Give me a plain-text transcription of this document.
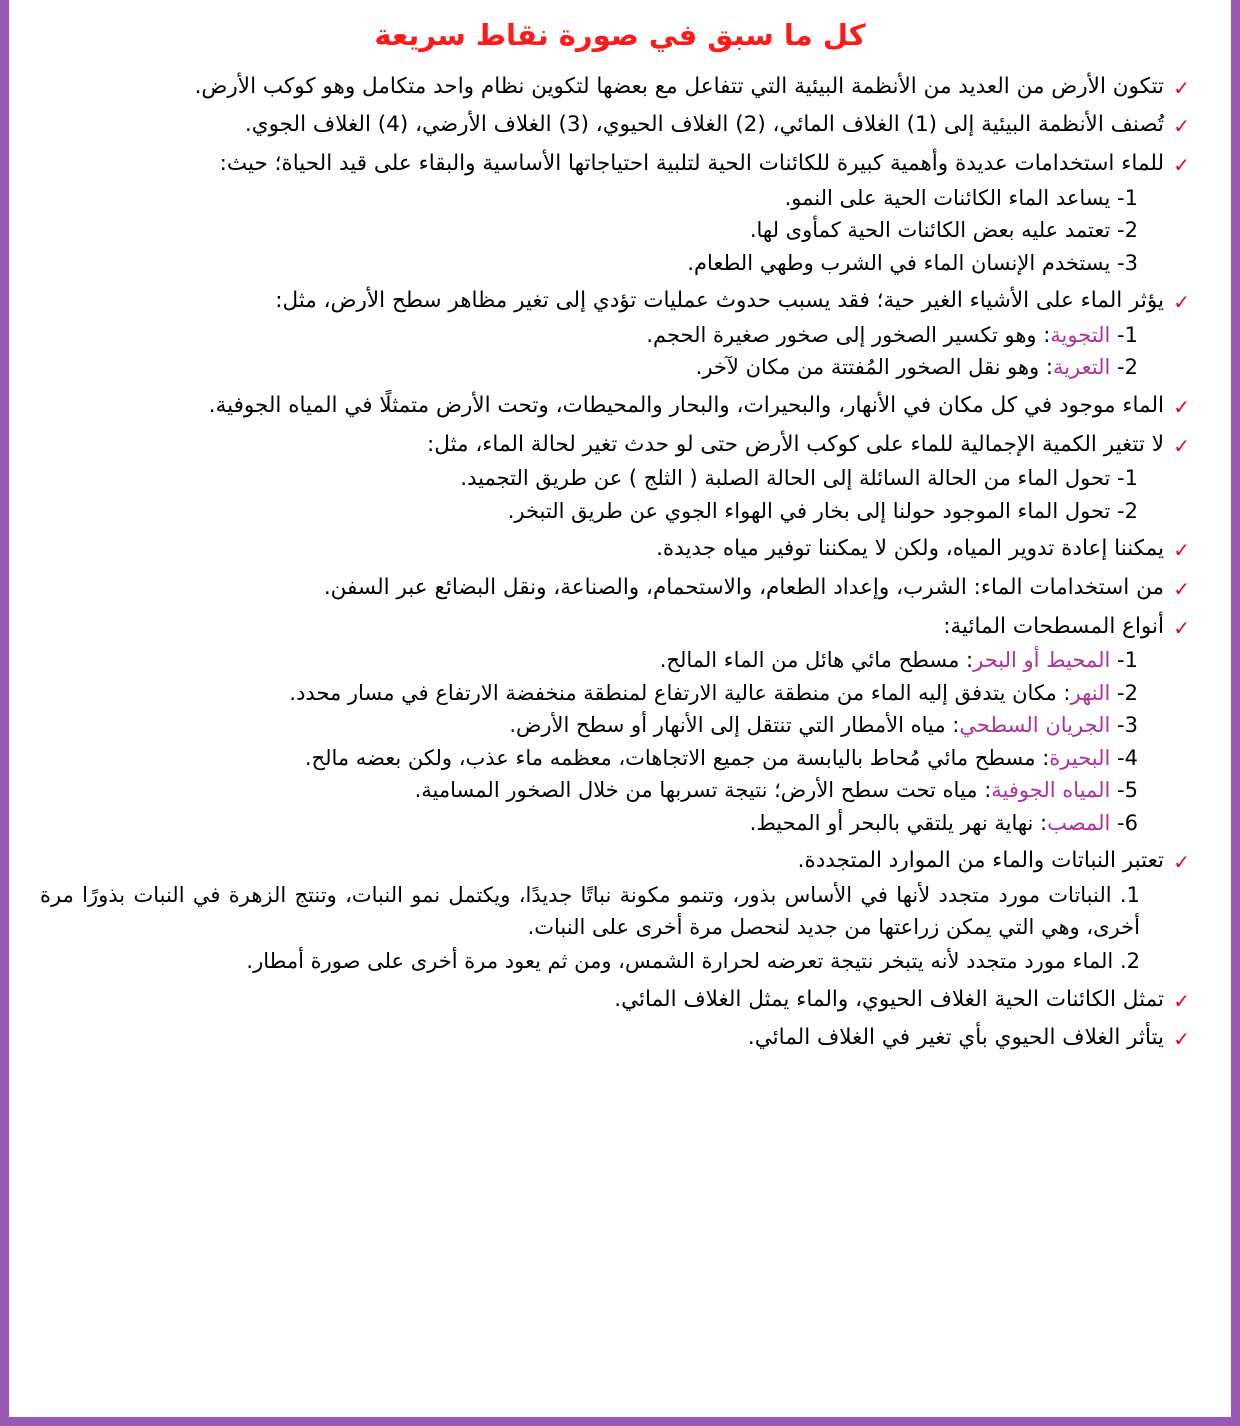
كل ما سبق في صورة نقاط سريعة
✓
تتكون الأرض من العديد من الأنظمة البيئية التي تتفاعل مع بعضها لتكوين نظام واحد متكامل وهو كوكب الأرض.
✓
تُصنف الأنظمة البيئية إلى (1) الغلاف المائي، (2) الغلاف الحيوي، (3) الغلاف الأرضي، (4) الغلاف الجوي.
✓
للماء استخدامات عديدة وأهمية كبيرة للكائنات الحية لتلبية احتياجاتها الأساسية والبقاء على قيد الحياة؛ حيث:
1- يساعد الماء الكائنات الحية على النمو.
2- تعتمد عليه بعض الكائنات الحية كمأوى لها.
3- يستخدم الإنسان الماء في الشرب وطهي الطعام.
✓
يؤثر الماء على الأشياء الغير حية؛ فقد يسبب حدوث عمليات تؤدي إلى تغير مظاهر سطح الأرض، مثل:
1- التجوية: وهو تكسير الصخور إلى صخور صغيرة الحجم.
2- التعرية: وهو نقل الصخور المُفتتة من مكان لآخر.
✓
الماء موجود في كل مكان في الأنهار، والبحيرات، والبحار والمحيطات، وتحت الأرض متمثلًا في المياه الجوفية.
✓
لا تتغير الكمية الإجمالية للماء على كوكب الأرض حتى لو حدث تغير لحالة الماء، مثل:
1- تحول الماء من الحالة السائلة إلى الحالة الصلبة ( الثلج ) عن طريق التجميد.
2- تحول الماء الموجود حولنا إلى بخار في الهواء الجوي عن طريق التبخر.
✓
يمكننا إعادة تدوير المياه، ولكن لا يمكننا توفير مياه جديدة.
✓
من استخدامات الماء: الشرب، وإعداد الطعام، والاستحمام، والصناعة، ونقل البضائع عبر السفن.
✓
أنواع المسطحات المائية:
1- المحيط أو البحر: مسطح مائي هائل من الماء المالح.
2- النهر: مكان يتدفق إليه الماء من منطقة عالية الارتفاع لمنطقة منخفضة الارتفاع في مسار محدد.
3- الجريان السطحي: مياه الأمطار التي تنتقل إلى الأنهار أو سطح الأرض.
4- البحيرة: مسطح مائي مُحاط باليابسة من جميع الاتجاهات، معظمه ماء عذب، ولكن بعضه مالح.
5- المياه الجوفية: مياه تحت سطح الأرض؛ نتيجة تسربها من خلال الصخور المسامية.
6- المصب: نهاية نهر يلتقي بالبحر أو المحيط.
✓
تعتبر النباتات والماء من الموارد المتجددة.
1. النباتات مورد متجدد لأنها في الأساس بذور، وتنمو مكونة نباتًا جديدًا، ويكتمل نمو النبات، وتنتج الزهرة في النبات بذورًا مرة أخرى، وهي التي يمكن زراعتها من جديد لنحصل مرة أخرى على النبات.
2. الماء مورد متجدد لأنه يتبخر نتيجة تعرضه لحرارة الشمس، ومن ثم يعود مرة أخرى على صورة أمطار.
✓
تمثل الكائنات الحية الغلاف الحيوي، والماء يمثل الغلاف المائي.
✓
يتأثر الغلاف الحيوي بأي تغير في الغلاف المائي.
